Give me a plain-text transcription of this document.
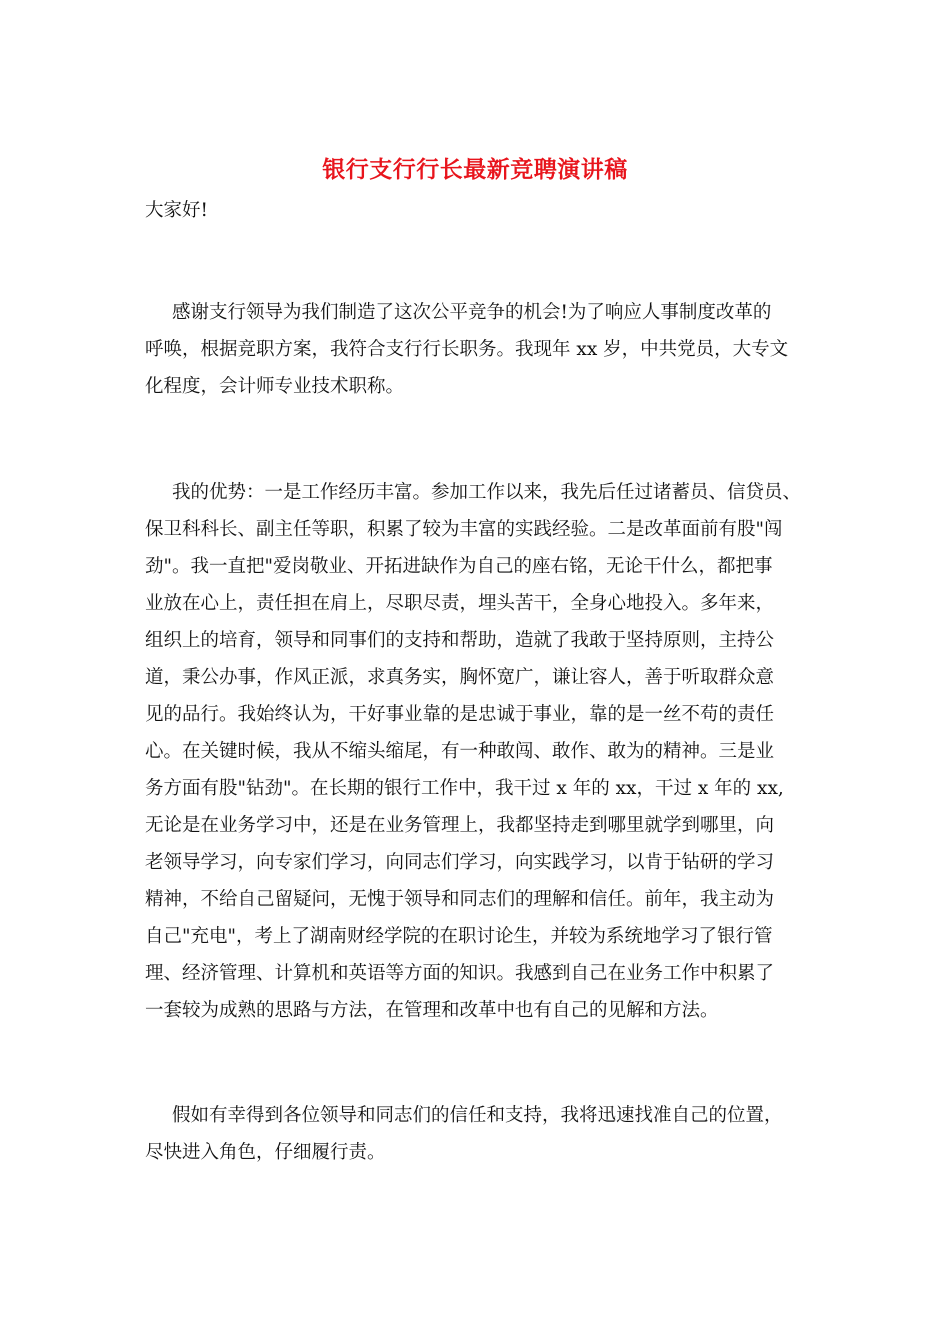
银行支行行长最新竞聘演讲稿
大家好!
感谢支行领导为我们制造了这次公平竞争的机会!为了响应人事制度改革的
呼唤，根据竞职方案，我符合支行行长职务。我现年 xx 岁，中共党员，大专文
化程度，会计师专业技术职称。
我的优势：一是工作经历丰富。参加工作以来，我先后任过诸蓄员、信贷员、
保卫科科长、副主任等职，积累了较为丰富的实践经验。二是改革面前有股"闯
劲"。我一直把"爱岗敬业、开拓进缺作为自己的座右铭，无论干什么，都把事
业放在心上，责任担在肩上，尽职尽责，埋头苦干，全身心地投入。多年来，
组织上的培育，领导和同事们的支持和帮助，造就了我敢于坚持原则，主持公
道，秉公办事，作风正派，求真务实，胸怀宽广，谦让容人，善于听取群众意
见的品行。我始终认为，干好事业靠的是忠诚于事业，靠的是一丝不苟的责任
心。在关键时候，我从不缩头缩尾，有一种敢闯、敢作、敢为的精神。三是业
务方面有股"钻劲"。在长期的银行工作中，我干过 x 年的 xx，干过 x 年的 xx,
无论是在业务学习中，还是在业务管理上，我都坚持走到哪里就学到哪里，向
老领导学习，向专家们学习，向同志们学习，向实践学习，以肯于钻研的学习
精神，不给自己留疑问，无愧于领导和同志们的理解和信任。前年，我主动为
自己"充电"，考上了湖南财经学院的在职讨论生，并较为系统地学习了银行管
理、经济管理、计算机和英语等方面的知识。我感到自己在业务工作中积累了
一套较为成熟的思路与方法，在管理和改革中也有自己的见解和方法。
假如有幸得到各位领导和同志们的信任和支持，我将迅速找准自己的位置，
尽快进入角色，仔细履行责。
